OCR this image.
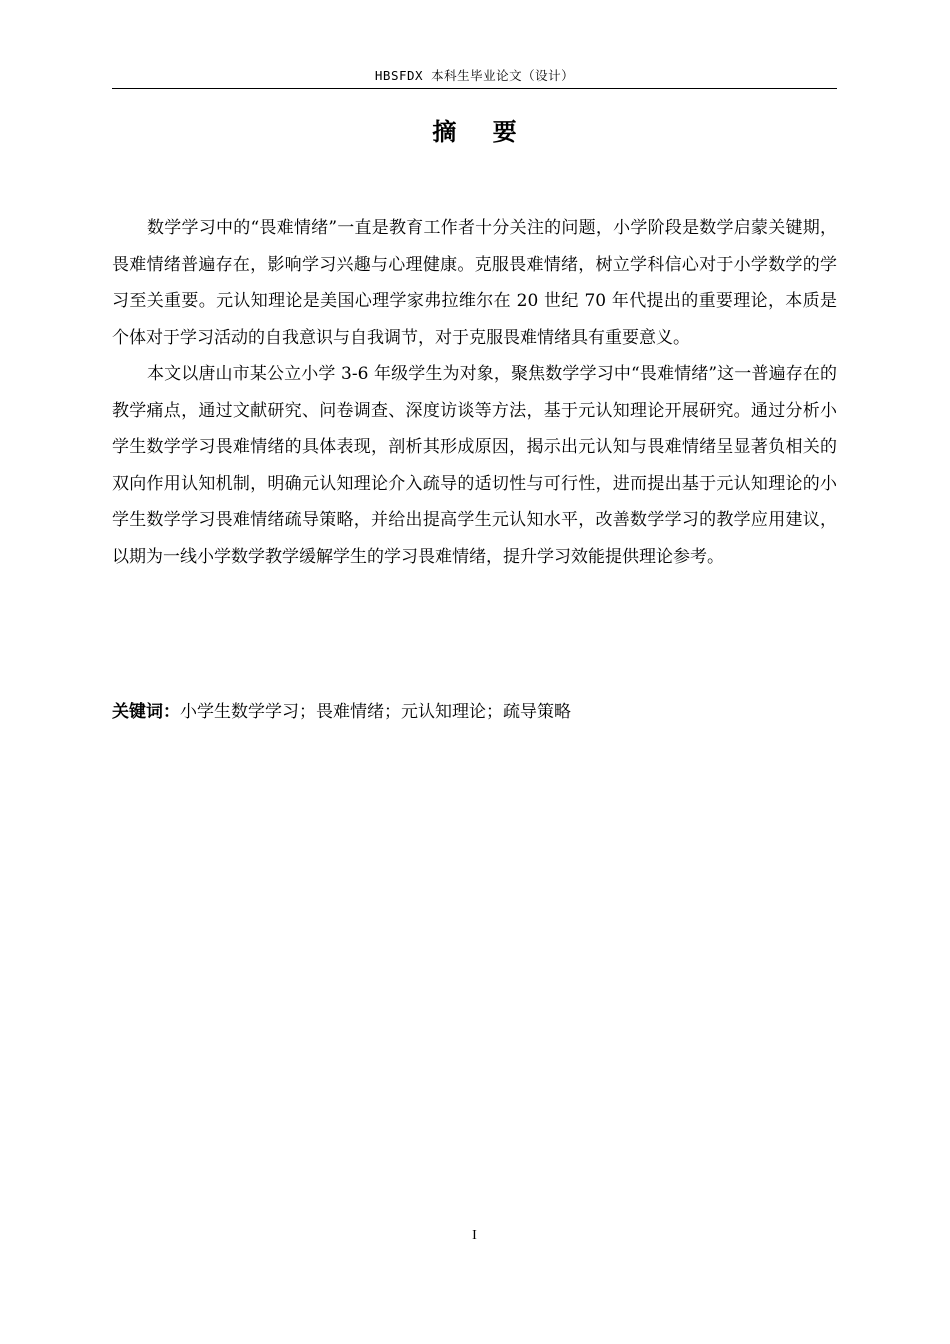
HBSFDX 本科生毕业论文（设计）
摘 要

数学学习中的“畏难情绪”一直是教育工作者十分关注的问题，小学阶段是数学启蒙关键期，畏难情绪普遍存在，影响学习兴趣与心理健康。克服畏难情绪，树立学科信心对于小学数学的学习至关重要。元认知理论是美国心理学家弗拉维尔在 20 世纪 70 年代提出的重要理论，本质是个体对于学习活动的自我意识与自我调节，对于克服畏难情绪具有重要意义。

本文以唐山市某公立小学 3-6 年级学生为对象，聚焦数学学习中“畏难情绪”这一普遍存在的教学痛点，通过文献研究、问卷调查、深度访谈等方法，基于元认知理论开展研究。通过分析小学生数学学习畏难情绪的具体表现，剖析其形成原因，揭示出元认知与畏难情绪呈显著负相关的双向作用认知机制，明确元认知理论介入疏导的适切性与可行性，进而提出基于元认知理论的小学生数学学习畏难情绪疏导策略，并给出提高学生元认知水平，改善数学学习的教学应用建议，以期为一线小学数学教学缓解学生的学习畏难情绪，提升学习效能提供理论参考。

关键词：小学生数学学习；畏难情绪；元认知理论；疏导策略
I
